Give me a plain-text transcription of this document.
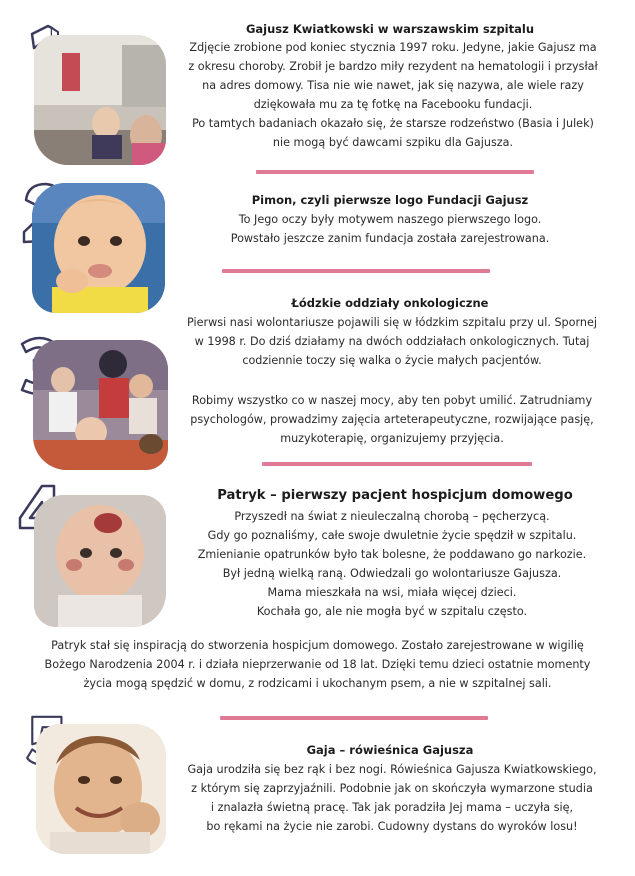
1
Gajusz Kwiatkowski w warszawskim szpitalu
Zdjęcie zrobione pod koniec stycznia 1997 roku. Jedyne, jakie Gajusz ma
z okresu choroby. Zrobił je bardzo miły rezydent na hematologii i przysłał
na adres domowy. Tisa nie wie nawet, jak się nazywa, ale wiele razy
dziękowała mu za tę fotkę na Facebooku fundacji.
Po tamtych badaniach okazało się, że starsze rodzeństwo (Basia i Julek)
nie mogą być dawcami szpiku dla Gajusza.
2
Pimon, czyli pierwsze logo Fundacji Gajusz
To Jego oczy były motywem naszego pierwszego logo.
Powstało jeszcze zanim fundacja została zarejestrowana.
3
Łódzkie oddziały onkologiczne
Pierwsi nasi wolontariusze pojawili się w łódzkim szpitalu przy ul. Spornej
w 1998 r. Do dziś działamy na dwóch oddziałach onkologicznych. Tutaj
codziennie toczy się walka o życie małych pacjentów.
Robimy wszystko co w naszej mocy, aby ten pobyt umilić. Zatrudniamy
psychologów, prowadzimy zajęcia arteterapeutyczne, rozwijające pasję,
muzykoterapię, organizujemy przyjęcia.
4
Patryk – pierwszy pacjent hospicjum domowego
Przyszedł na świat z nieuleczalną chorobą – pęcherzycą.
Gdy go poznaliśmy, całe swoje dwuletnie życie spędził w szpitalu.
Zmienianie opatrunków było tak bolesne, że poddawano go narkozie.
Był jedną wielką raną. Odwiedzali go wolontariusze Gajusza.
Mama mieszkała na wsi, miała więcej dzieci.
Kochała go, ale nie mogła być w szpitalu często.
Patryk stał się inspiracją do stworzenia hospicjum domowego. Zostało zarejestrowane w wigilię
Bożego Narodzenia 2004 r. i działa nieprzerwanie od 18 lat. Dzięki temu dzieci ostatnie momenty
życia mogą spędzić w domu, z rodzicami i ukochanym psem, a nie w szpitalnej sali.
5
Gaja – rówieśnica Gajusza
Gaja urodziła się bez rąk i bez nogi. Rówieśnica Gajusza Kwiatkowskiego,
z którym się zaprzyjaźnili. Podobnie jak on skończyła wymarzone studia
i znalazła świetną pracę. Tak jak poradziła Jej mama – uczyła się,
bo rękami na życie nie zarobi. Cudowny dystans do wyroków losu!
